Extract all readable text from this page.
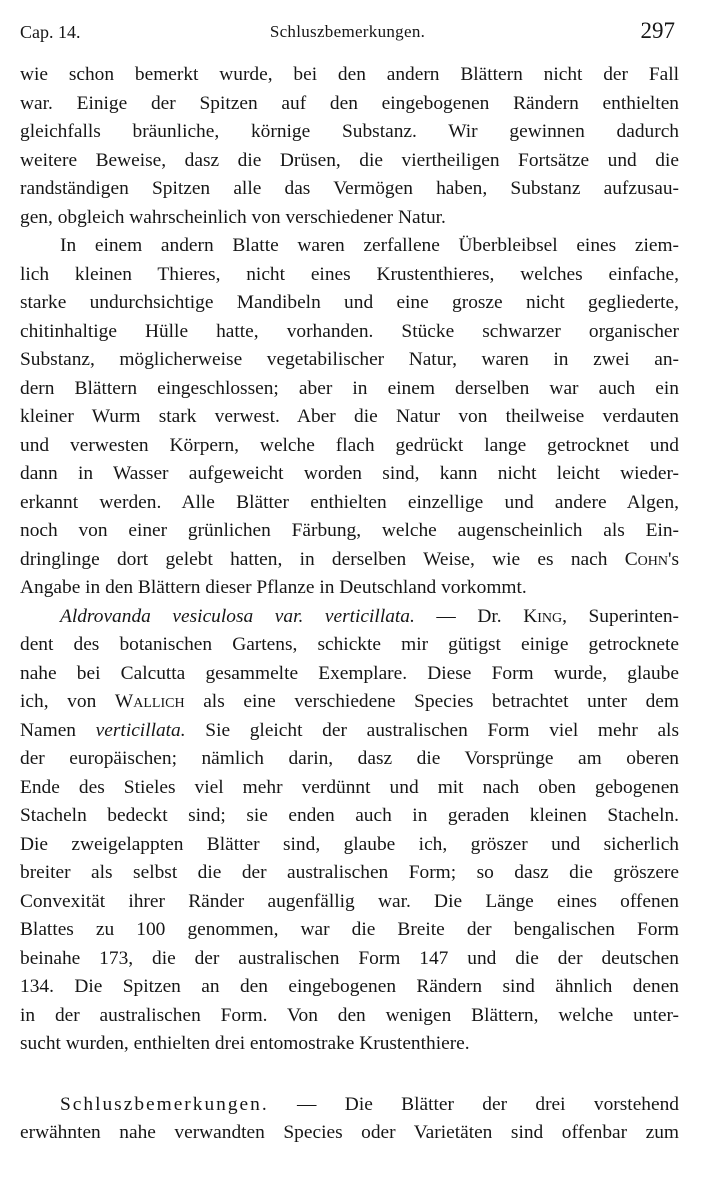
Cap. 14.	Schluszbemerkungen.	297
wie schon bemerkt wurde, bei den andern Blättern nicht der Fall
war. Einige der Spitzen auf den eingebogenen Rändern enthielten
gleichfalls bräunliche, körnige Substanz. Wir gewinnen dadurch
weitere Beweise, dasz die Drüsen, die viertheiligen Fortsätze und die
randständigen Spitzen alle das Vermögen haben, Substanz aufzusau-
gen, obgleich wahrscheinlich von verschiedener Natur.
In einem andern Blatte waren zerfallene Überbleibsel eines ziem-
lich kleinen Thieres, nicht eines Krustenthieres, welches einfache,
starke undurchsichtige Mandibeln und eine grosze nicht gegliederte,
chitinhaltige Hülle hatte, vorhanden. Stücke schwarzer organischer
Substanz, möglicherweise vegetabilischer Natur, waren in zwei an-
dern Blättern eingeschlossen; aber in einem derselben war auch ein
kleiner Wurm stark verwest. Aber die Natur von theilweise verdauten
und verwesten Körpern, welche flach gedrückt lange getrocknet und
dann in Wasser aufgeweicht worden sind, kann nicht leicht wieder-
erkannt werden. Alle Blätter enthielten einzellige und andere Algen,
noch von einer grünlichen Färbung, welche augenscheinlich als Ein-
dringlinge dort gelebt hatten, in derselben Weise, wie es nach Cohn's
Angabe in den Blättern dieser Pflanze in Deutschland vorkommt.
Aldrovanda vesiculosa var. verticillata. — Dr. King, Superinten-
dent des botanischen Gartens, schickte mir gütigst einige getrocknete
nahe bei Calcutta gesammelte Exemplare. Diese Form wurde, glaube
ich, von Wallich als eine verschiedene Species betrachtet unter dem
Namen verticillata. Sie gleicht der australischen Form viel mehr als
der europäischen; nämlich darin, dasz die Vorsprünge am oberen
Ende des Stieles viel mehr verdünnt und mit nach oben gebogenen
Stacheln bedeckt sind; sie enden auch in geraden kleinen Stacheln.
Die zweigelappten Blätter sind, glaube ich, gröszer und sicherlich
breiter als selbst die der australischen Form; so dasz die gröszere
Convexität ihrer Ränder augenfällig war. Die Länge eines offenen
Blattes zu 100 genommen, war die Breite der bengalischen Form
beinahe 173, die der australischen Form 147 und die der deutschen
134. Die Spitzen an den eingebogenen Rändern sind ähnlich denen
in der australischen Form. Von den wenigen Blättern, welche unter-
sucht wurden, enthielten drei entomostrake Krustenthiere.
Schluszbemerkungen. — Die Blätter der drei vorstehend
erwähnten nahe verwandten Species oder Varietäten sind offenbar zum
